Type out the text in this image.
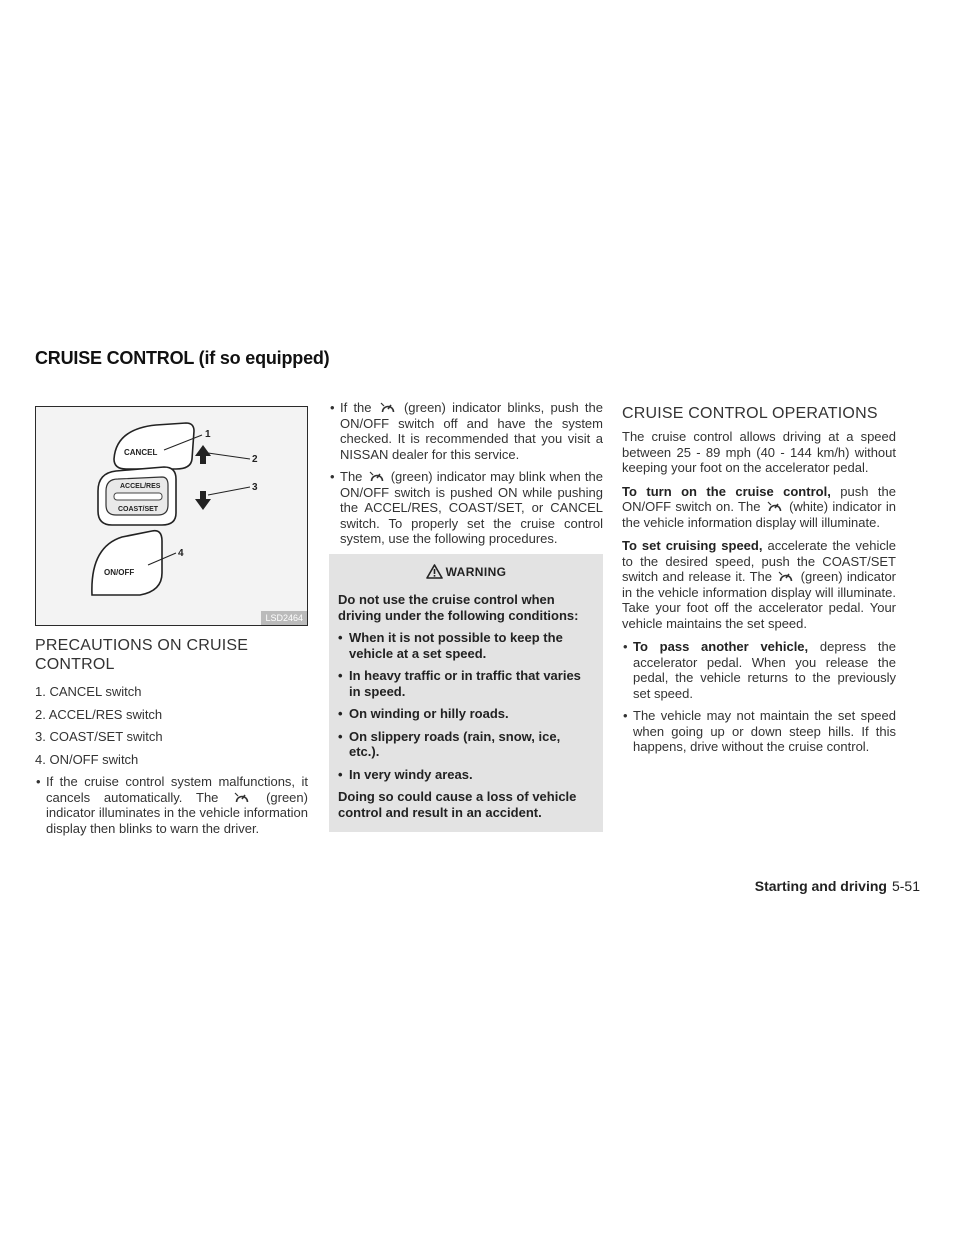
CRUISE CONTROL (if so equipped)
CANCEL
ACCEL/RES
COAST/SET
ON/OFF
1
2
3
4
LSD2464
PRECAUTIONS ON CRUISE CONTROL

1. CANCEL switch

2. ACCEL/RES switch

3. COAST/SET switch

4. ON/OFF switch

• If the cruise control system malfunctions, it cancels automatically. The	(green) indicator illuminates in the vehicle information display then blinks to warn the driver.
• If the (green) indicator blinks, push the ON/OFF switch off and have the system checked. It is recommended that you visit a NISSAN dealer for this service.
• The (green) indicator may blink when the ON/OFF switch is pushed ON while pushing the ACCEL/RES, COAST/SET, or CANCEL switch. To properly set the cruise control system, use the following procedures.
WARNING
Do not use the cruise control when driving under the following conditions:
• When it is not possible to keep the vehicle at a set speed.
• In heavy traffic or in traffic that varies in speed.
• On winding or hilly roads.
• On slippery roads (rain, snow, ice, etc.).
• In very windy areas.
Doing so could cause a loss of vehicle control and result in an accident.
CRUISE CONTROL OPERATIONS

The cruise control allows driving at a speed between 25 - 89 mph (40 - 144 km/h) without keeping your foot on the accelerator pedal.

To turn on the cruise control, push the ON/OFF switch on. The (white) indicator in the vehicle information display will illuminate.

To set cruising speed, accelerate the vehicle to the desired speed, push the COAST/SET switch and release it. The (green) indicator in the vehicle information display will illuminate. Take your foot off the accelerator pedal. Your vehicle maintains the set speed.

• To pass another vehicle, depress the accelerator pedal. When you release the pedal, the vehicle returns to the previously set speed.
• The vehicle may not maintain the set speed when going up or down steep hills. If this happens, drive without the cruise control.
Starting and driving 5-51
